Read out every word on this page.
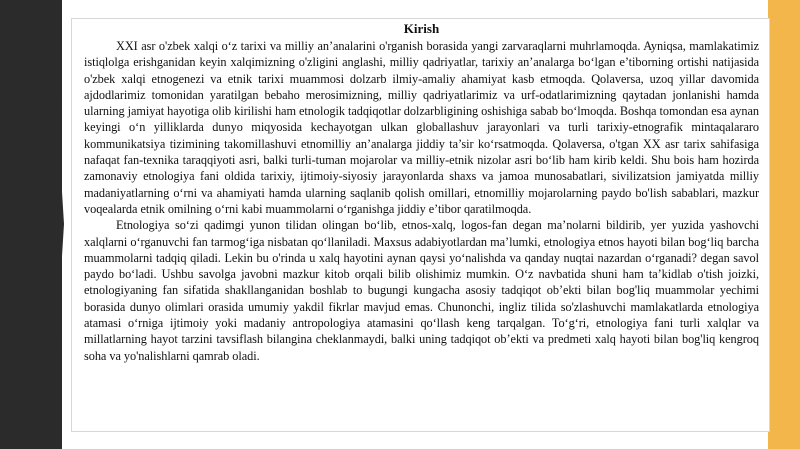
Kirish

XXI asr o'zbek xalqi o‘z tarixi va milliy an’analarini o'rganish borasida yangi zarvaraqlarni muhrlamoqda. Ayniqsa, mamlakatimiz istiqlolga erishganidan keyin xalqimizning o'zligini anglashi, milliy qadriyatlar, tarixiy an’analarga bo‘lgan e’tiborning ortishi natijasida o'zbek xalqi etnogenezi va etnik tarixi muammosi dolzarb ilmiy-amaliy ahamiyat kasb etmoqda. Qolaversa, uzoq yillar davomida ajdodlarimiz tomonidan yaratilgan bebaho merosimizning, milliy qadriyatlarimiz va urf-odatlarimizning qaytadan jonlanishi hamda ularning jamiyat hayotiga olib kirilishi ham etnologik tadqiqotlar dolzarbligining oshishiga sabab bo‘lmoqda. Boshqa tomondan esa aynan keyingi o‘n yilliklarda dunyo miqyosida kechayotgan ulkan globallashuv jarayonlari va turli tarixiy-etnografik mintaqalararo kommunikatsiya tizimining takomillashuvi etnomilliy an’analarga jiddiy ta’sir ko‘rsatmoqda. Qolaversa, o'tgan XX asr tarix sahifasiga nafaqat fan-texnika taraqqiyoti asri, balki turli-tuman mojarolar va milliy-etnik nizolar asri bo‘lib ham kirib keldi. Shu bois ham hozirda zamonaviy etnologiya fani oldida tarixiy, ijtimoiy-siyosiy jarayonlarda shaxs va jamoa munosabatlari, sivilizatsion jamiyatda milliy madaniyatlarning o‘rni va ahamiyati hamda ularning saqlanib qolish omillari, etnomilliy mojarolarning paydo bo'lish sabablari, mazkur voqealarda etnik omilning o‘rni kabi muammolarni o‘rganishga jiddiy e’tibor qaratilmoqda.

Etnologiya so‘zi qadimgi yunon tilidan olingan bo‘lib, etnos-xalq, logos-fan degan ma’nolarni bildirib, yer yuzida yashovchi xalqlarni o‘rganuvchi fan tarmog‘iga nisbatan qo‘llaniladi. Maxsus adabiyotlardan ma’lumki, etnologiya etnos hayoti bilan bog‘liq barcha muammolarni tadqiq qiladi. Lekin bu o'rinda u xalq hayotini aynan qaysi yo‘nalishda va qanday nuqtai nazardan o‘rganadi? degan savol paydo bo‘ladi. Ushbu savolga javobni mazkur kitob orqali bilib olishimiz mumkin. O‘z navbatida shuni ham ta’kidlab o'tish joizki, etnologiyaning fan sifatida shakllanganidan boshlab to bugungi kungacha asosiy tadqiqot ob’ekti bilan bog'liq muammolar yechimi borasida dunyo olimlari orasida umumiy yakdil fikrlar mavjud emas. Chunonchi, ingliz tilida so'zlashuvchi mamlakatlarda etnologiya atamasi o‘rniga ijtimoiy yoki madaniy antropologiya atamasini qo‘llash keng tarqalgan. To‘g‘ri, etnologiya fani turli xalqlar va millatlarning hayot tarzini tavsiflash bilangina cheklanmaydi, balki uning tadqiqot ob’ekti va predmeti xalq hayoti bilan bog'liq kengroq soha va yo'nalishlarni qamrab oladi.
